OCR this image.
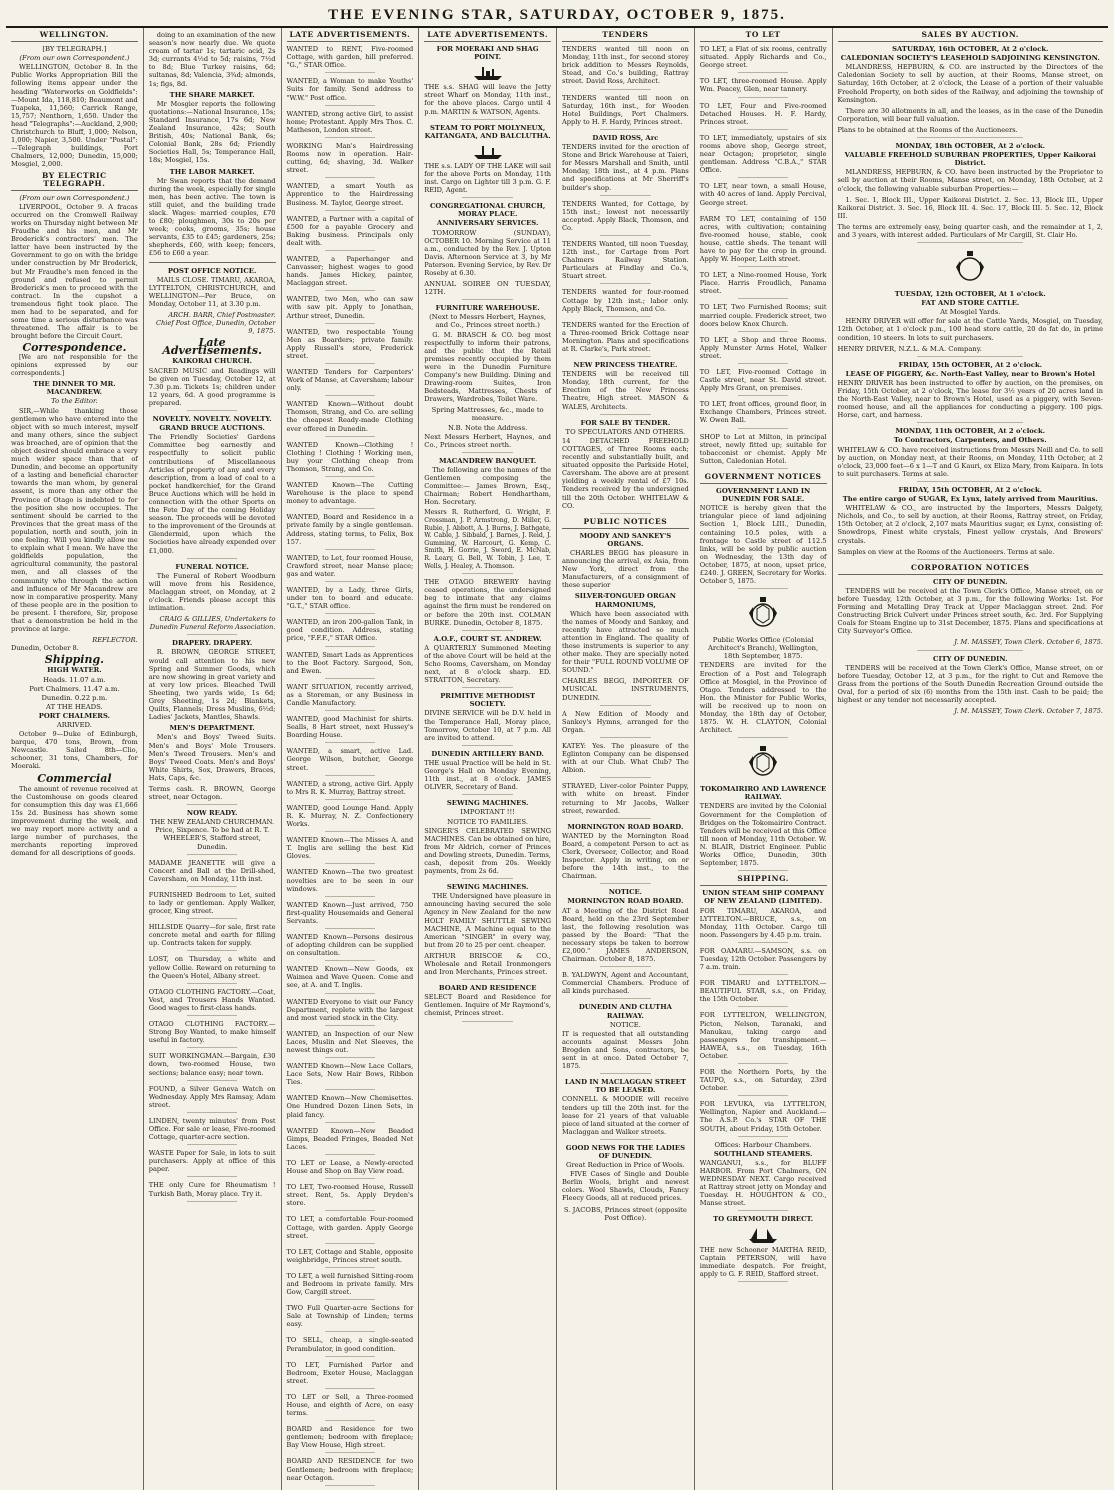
THE EVENING STAR, SATURDAY, OCTOBER 9, 1875.
WELLINGTON.
[BY TELEGRAPH.]
(From our own Correspondent.)

WELLINGTON, October 8. In the Public Works Appropriation Bill the following items appear under the heading "Waterworks on Goldfields":—Mount Ida, 118,810; Beaumont and Tuapeka, 11,560; Carrick Range, 15,757; Nenthorn, 1,650. Under the head "Telegraphs":—Auckland, 2,900; Christchurch to Bluff, 1,000; Nelson, 1,000; Napier, 3,500. Under "Postal":—Telegraph buildings, Port Chalmers, 12,000; Dunedin, 15,000; Mosgiel, 2,000.

BY ELECTRIC TELEGRAPH.
(From our own Correspondent.)

LIVERPOOL, October 9. A fracas occurred on the Cromwell Railway works on Thursday night between Mr Fraudhe and his men, and Mr Broderick's contractors' men. The latter have been instructed by the Government to go on with the bridge under construction by Mr Broderick, but Mr Fraudhe's men fenced in the ground and refused to permit Broderick's men to proceed with the contract. In the cupshot a tremendous fight took place. The men had to be separated, and for some time a serious disturbance was threatened. The affair is to be brought before the Circuit Court.

Correspondence.

[We are not responsible for the opinions expressed by our correspondents.]

THE DINNER TO MR. MACANDREW.
To the Editor.

SIR,—While thanking those gentlemen who have entered into the object with so much interest, myself and many others, since the subject was broached, are of opinion that the object desired should embrace a very much wider space than that of Dunedin, and become an opportunity of a lasting and beneficial character towards the man whom, by general assent, is more than any other the Province of Otago is indebted to for the position she now occupies. The sentiment should be carried to the Provinces that the great mass of the population, north and south, join in one feeling. Will you kindly allow me to explain what I mean. We have the goldfields population, the agricultural community, the pastoral men, and all classes of the community who through the action and influence of Mr Macandrew are now in comparative prosperity. Many of these people are in the position to be present. I therefore, Sir, propose that a demonstration be held in the province at large.

REFLECTOR.
Dunedin, October 8.
Shipping.
HIGH WATER.
Heads. 11.07 a.m.
Port Chalmers. 11.47 a.m.
Dunedin. 0.22 p.m.
AT THE HEADS.
PORT CHALMERS.
ARRIVED.

October 9—Duke of Edinburgh, barque, 470 tons, Brown, from Newcastle. Sailed 8th—Clio, schooner, 31 tons, Chambers, for Moeraki.

Commercial

The amount of revenue received at the Customhouse on goods cleared for consumption this day was £1,666 15s 2d. Business has shown some improvement during the week, and we may report more activity and a large number of purchases, the merchants reporting improved demand for all descriptions of goods.

doing to an examination of the new season's now nearly due. We quote cream of tartar 1s; tartaric acid, 2s 3d; currants 4½d to 5d; raisins, 7½d to 8d; Blue Turkey raisins, 6d; sultanas, 8d; Valencia, 3¾d; almonds, 1s; figs, 8d.

THE SHARE MARKET.

Mr Mosgier reports the following quotations:—National Insurance, 15s; Standard Insurance, 17s 6d; New Zealand Insurance, 42s; South British, 40s; National Bank, 6s; Colonial Bank, 28s 6d; Friendly Societies Hall, 5s; Temperance Hall, 18s; Mosgiel, 15s.

THE LABOR MARKET.

Mr Swan reports that the demand during the week, especially for single men, has been active. The town is still quiet, and the building trade slack. Wages: married couples, £70 to £80; ploughmen, 30s to 20s per week; cooks, grooms, 35s; house servants, £35 to £45; gardeners, 25s; shepherds, £60, with keep; fencers, £56 to £60 a year.

POST OFFICE NOTICE.

MAILS CLOSE. TIMARU, AKAROA, LYTTELTON, CHRISTCHURCH, and WELLINGTON—Per Bruce, on Monday, October 11, at 3.30 p.m.

ARCH. BARR, Chief Postmaster. Chief Post Office, Dunedin, October 9, 1875.
Late Advertisements.
KAIKORAI CHURCH.
SACRED MUSIC and Readings will be given on Tuesday, October 12, at 7.30 p.m. Tickets 1s; children under 12 years, 6d. A good programme is prepared.
NOVELTY. NOVELTY. NOVELTY.
GRAND BRUCE AUCTIONS.
The Friendly Societies' Gardens Committee beg earnestly and respectfully to solicit public contributions of Miscellaneous Articles of property of any and every description, from a load of coal to a pocket handkerchief, for the Grand Bruce Auctions which will be held in connection with the other Sports on the Fete Day of the coming Holiday season. The proceeds will be devoted to the improvement of the Grounds at Glendermid, upon which the Societies have already expended over £1,000.
FUNERAL NOTICE.

The Funeral of Robert Woodburn will move from his Residence, Maclaggan street, on Monday, at 2 o'clock. Friends please accept this intimation.

CRAIG & GILLIES, Undertakers to Dunedin Funeral Reform Association.
DRAPERY. DRAPERY.

R. BROWN, GEORGE STREET, would call attention to his new Spring and Summer Goods, which are now showing in great variety and at very low prices. Bleached Twill Sheeting, two yards wide, 1s 6d; Grey Sheeting, 1s 2d; Blankets, Quilts, Flannels; Dress Muslins, 6½d; Ladies' Jackets, Mantles, Shawls.

MEN'S DEPARTMENT.

Men's and Boys' Tweed Suits. Men's and Boys' Mole Trousers. Men's Tweed Trousers. Men's and Boys' Tweed Coats. Men's and Boys' White Shirts, Sox, Drawers, Braces, Hats, Caps, &c.

Terms cash. R. BROWN, George street, near Octagon.
NOW READY.
THE NEW ZEALAND CHURCHMAN. Price, Sixpence. To be had at R. T. WHEELER'S, Stafford street, Dunedin.
MADAME JEANETTE will give a Concert and Ball at the Drill-shed, Caversham, on Monday, 11th inst.
FURNISHED Bedroom to Let, suited to lady or gentleman. Apply Walker, grocer, King street.
HILLSIDE Quarry—for sale, first rate concrete metal and earth for filling up. Contracts taken for supply.
LOST, on Thursday, a white and yellow Collie. Reward on returning to the Queen's Hotel, Albany street.
OTAGO CLOTHING FACTORY.—Coat, Vest, and Trousers Hands Wanted. Good wages to first-class hands.
OTAGO CLOTHING FACTORY.—Strong Boy Wanted, to make himself useful in factory.
SUIT WORKINGMAN.—Bargain, £30 down, two-roomed House, two sections; balance easy; near town.
FOUND, a Silver Geneva Watch on Wednesday. Apply Mrs Ramsay, Adam street.
LINDEN, twenty minutes' from Post Office. For sale or lease, Five-roomed Cottage, quarter-acre section.
WASTE Paper for Sale, in lots to suit purchasers. Apply at office of this paper.
THE only Cure for Rheumatism ! Turkish Bath, Moray place. Try it.
LATE ADVERTISEMENTS.
WANTED to RENT, Five-roomed Cottage, with garden, hill preferred. "G.," STAR Office.
WANTED, a Woman to make Youths' Suits for family. Send address to "W.W." Post office.
WANTED, strong active Girl, to assist home; Protestant. Apply Mrs Thos. C. Matheson, London street.
WORKING Man's Hairdressing Rooms now in operation. Hair-cutting, 6d; shaving, 3d. Walker street.
WANTED, a smart Youth as Apprentice to the Hairdressing Business. M. Taylor, George street.
WANTED, a Partner with a capital of £500 for a payable Grocery and Baking business. Principals only dealt with.
WANTED, a Paperhanger and Canvasser; highest wages to good hands. James Hickey, painter, Maclaggan street.
WANTED, two Men, who can saw with saw pit. Apply to Jonathan, Arthur street, Dunedin.
WANTED, two respectable Young Men as Boarders; private family. Apply Russell's store, Frederick street.
WANTED Tenders for Carpenters' Work of Manse, at Caversham; labour only.
WANTED Known—Without doubt Thomson, Strang, and Co. are selling the cheapest Ready-made Clothing ever offered in Dunedin.
WANTED Known—Clothing ! Clothing ! Clothing ! Working men, buy your Clothing cheap from Thomson, Strang, and Co.
WANTED Known—The Cutting Warehouse is the place to spend money to advantage.
WANTED, Board and Residence in a private family by a single gentleman. Address, stating terms, to Felix, Box 157.
WANTED, to Let, four roomed House, Crawford street, near Manse place; gas and water.
WANTED, by a Lady, three Girls, under ten to board and educate. "G.T.," STAR office.
WANTED, an iron 200-gallon Tank, in good condition. Address, stating price, "F.F.F.," STAR Office.
WANTED, Smart Lads as Apprentices to the Boot Factory. Sargood, Son, and Ewen.
WANT SITUATION, recently arrived, as a Storeman, or any Business in Candle Manufactory.
WANTED, good Machinist for shirts. Sealls, 8 Hart street, next Hussey's Boarding House.
WANTED, a smart, active Lad. George Wilson, butcher, George street.
WANTED, a strong, active Girl. Apply to Mrs R. K. Murray, Battray street.
WANTED, good Lounge Hand. Apply R. K. Murray, N. Z. Confectionery Works.
WANTED Known—The Misses A. and T. Inglis are selling the best Kid Gloves.
WANTED Known—The two greatest novelties are to be seen in our windows.
WANTED Known—Just arrived, 750 first-quality Housemaids and General Servants.
WANTED Known—Persons desirous of adopting children can be supplied on consultation.
WANTED Known—New Goods, ex Waimea and Wave Queen. Come and see, at A. and T. Inglis.
WANTED Everyone to visit our Fancy Department, replete with the largest and most varied stock in the City.
WANTED, an Inspection of our New Laces, Muslin and Net Sleeves, the newest things out.
WANTED Known—New Lace Collars, Lace Sets, New Hair Bows, Ribbon Ties.
WANTED Known—New Chemisettes. One Hundred Dozen Linen Sets, in plaid fancy.
WANTED Known—New Beaded Gimps, Beaded Fringes, Beaded Net Laces.
TO LET or Lease, a Newly-erected House and Shop on Bay View road.
TO LET, Two-roomed House, Russell street. Rent, 5s. Apply Dryden's store.
TO LET, a comfortable Four-roomed Cottage, with garden. Apply George street.
TO LET, Cottage and Stable, opposite weighbridge, Princes street south.
TO LET, a well furnished Sitting-room and Bedroom in private family. Mrs Gow, Cargill street.
TWO Full Quarter-acre Sections for Sale at Township of Linden; terms easy.
TO SELL, cheap, a single-seated Perambulator, in good condition.
TO LET, Furnished Parlor and Bedroom, Exeter House, Maclaggan street.
TO LET or Sell, a Three-roomed House, and eighth of Acre, on easy terms.
BOARD and Residence for two gentlemen; bedroom with fireplace; Bay View House, High street.
BOARD AND RESIDENCE for two Gentlemen; bedroom with fireplace; near Octagon.
LATE ADVERTISEMENTS.
FOR MOERAKI AND SHAG POINT.
THE s.s. SHAG will leave the Jetty street Wharf on Monday, 11th inst., for the above places. Cargo until 4 p.m. MARTIN & WATSON, Agents.
STEAM TO PORT MOLYNEUX, KAITANGATA, AND BALCLUTHA.
THE s.s. LADY OF THE LAKE will sail for the above Ports on Monday, 11th inst. Cargo on Lighter till 3 p.m. G. F. REID, Agent.
CONGREGATIONAL CHURCH, MORAY PLACE.
ANNIVERSARY SERVICES.

TOMORROW (SUNDAY), OCTOBER 10. Morning Service at 11 a.m., conducted by the Rev. J. Upton Davis. Afternoon Service at 3, by Mr Paterson. Evening Service, by Rev. Dr Roseby at 6.30.

ANNUAL SOIREE ON TUESDAY, 12TH.
FURNITURE WAREHOUSE.
(Next to Messrs Herbert, Haynes, and Co., Princes street north.)

G. M. BRASCH & CO. beg most respectfully to inform their patrons, and the public that the Retail premises recently occupied by them were in the Dunedin Furniture Company's new Building. Dining and Drawing-room Suites, Iron Bedsteads, Mattresses, Chests of Drawers, Wardrobes, Toilet Ware.

Spring Mattresses, &c., made to measure.
N.B. Note the Address.
Next Messrs Herbert, Haynes, and Co., Princes street north.
MACANDREW BANQUET.

The following are the names of the Gentlemen composing the Committee:— James Brown, Esq., Chairman; Robert Hendhartham, Hon. Secretary.

Messrs R. Rutherford, G. Wright, F. Crossman, J. P. Armstrong, D. Miller, G. Rubie, J. Abbott, A. J. Burns, J. Bathgate, W. Cable, J. Sibbald, J. Barnes, J. Reid, J. Gumming, W. Harcourt, G. Kemp, C. Smith, H. Gorrie, J. Sword, E. McNab, R. Leary, G. Bell, W. Tobin, J. Lee, T. Wells, J. Healey, A. Thomson.
THE OTAGO BREWERY having ceased operations, the undersigned beg to intimate that any claims against the firm must be rendered on or before the 20th inst. COLMAN BURKE. Dunedin, October 8, 1875.
A.O.F., COURT ST. ANDREW.
A QUARTERLY Summoned Meeting of the above Court will be held at the Scho Rooms, Caversham, on Monday next, at 8 o'clock sharp. ED. STRATTON, Secretary.
PRIMITIVE METHODIST SOCIETY.
DIVINE SERVICE will be D.V. held in the Temperance Hall, Moray place, Tomorrow, October 10, at 7 p.m. All are invited to attend.
DUNEDIN ARTILLERY BAND.
THE usual Practice will be held in St. George's Hall on Monday Evening, 11th inst., at 8 o'clock. JAMES OLIVER, Secretary of Band.
SEWING MACHINES.
IMPORTANT !!!
NOTICE TO FAMILIES.
SINGER'S CELEBRATED SEWING MACHINES. Can be obtained on hire, from Mr Aldrich, corner of Princes and Dowling streets, Dunedin. Terms, cash, deposit from 20s. Weekly payments, from 2s 6d.
SEWING MACHINES.

THE Undersigned have pleasure in announcing having secured the sole Agency in New Zealand for the new HOLT FAMILY SHUTTLE SEWING MACHINE, A Machine equal to the American "SINGER" in every way, but from 20 to 25 per cent. cheaper.

ARTHUR BRISCOE & CO., Wholesale and Retail Ironmongers and Iron Merchants, Princes street.
BOARD AND RESIDENCE
SELECT Board and Residence for Gentlemen. Inquire of Mr Raymond's, chemist, Princes street.
TENDERS
TENDERS wanted till noon on Monday, 11th inst., for second storey brick addition to Messrs Reynolds, Stead, and Co.'s building, Rattray street. David Ross, Architect.
TENDERS wanted till noon on Saturday, 16th inst., for Wooden Hotel Buildings, Port Chalmers. Apply to H. F. Hardy, Princes street.
DAVID ROSS, Arc
TENDERS invited for the erection of Stone and Brick Warehouse at Taieri, for Messrs Marshall and Smith, until Monday, 18th inst., at 4 p.m. Plans and specifications at Mr Sherriff's builder's shop.
TENDERS Wanted, for Cottage, by 15th inst.; lowest not necessarily accepted. Apply Black, Thomson, and Co.
TENDERS Wanted, till noon Tuesday, 12th inst., for Cartage from Port Chalmers Railway Station. Particulars at Findlay and Co.'s, Stuart street.
TENDERS wanted for four-roomed Cottage by 12th inst.; labor only. Apply Black, Thomson, and Co.
TENDERS wanted for the Erection of a Three-roomed Brick Cottage near Mornington. Plans and specifications at R. Clarke's, Park street.
NEW PRINCESS THEATRE.
TENDERS will be received till Monday, 18th current, for the Erection of the New Princess Theatre, High street. MASON & WALES, Architects.
FOR SALE BY TENDER.
TO SPECULATORS AND OTHERS.
14 DETACHED FREEHOLD COTTAGES, of Three Rooms each; recently and substantially built, and situated opposite the Parkside Hotel, Caversham. The above are at present yielding a weekly rental of £7 10s. Tenders received by the undersigned till the 20th October. WHITELAW & CO.
PUBLIC NOTICES
MOODY AND SANKEY'S ORGANS.

CHARLES BEGG has pleasure in announcing the arrival, ex Asia, from New York, direct from the Manufacturers, of a consignment of these superior

SILVER-TONGUED ORGAN HARMONIUMS,

Which have been associated with the names of Moody and Sankey, and recently have attracted so much attention in England. The quality of these instruments is superior to any other make. They are specially noted for their "FULL ROUND VOLUME OF SOUND."

CHARLES BEGG, IMPORTER OF MUSICAL INSTRUMENTS, DUNEDIN.
A New Edition of Moody and Sankey's Hymns, arranged for the Organ.
KATEY: Yes. The pleasure of the Eglinton Company can be dispensed with at our Club. What Club? The Albion.
STRAYED, Liver-color Pointer Puppy, with white on breast. Finder returning to Mr Jacobs, Walker street, rewarded.
MORNINGTON ROAD BOARD.
WANTED by the Mornington Road Board, a competent Person to act as Clerk, Overseer, Collector, and Road Inspector. Apply in writing, on or before the 14th inst., to the Chairman.
NOTICE.
MORNINGTON ROAD BOARD.
AT a Meeting of the District Road Board, held on the 23rd September last, the following resolution was passed by the Board: "That the necessary steps be taken to borrow £2,000." JAMES ANDERSON, Chairman. October 8, 1875.
B. YALDWYN, Agent and Accountant, Commercial Chambers. Produce of all kinds purchased.
DUNEDIN AND CLUTHA RAILWAY.
NOTICE.
IT is requested that all outstanding accounts against Messrs John Brogden and Sons, contractors, be sent in at once. Dated October 7, 1875.
LAND IN MACLAGGAN STREET TO BE LEASED.
CONNELL & MOODIE will receive tenders up till the 20th inst. for the lease for 21 years of that valuable piece of land situated at the corner of Maclaggan and Walker streets.
GOOD NEWS FOR THE LADIES OF DUNEDIN.
Great Reduction in Price of Wools.

FIVE Cases of Single and Double Berlin Wools, bright and newest colors. Wool Shawls, Clouds, Fancy Fleecy Goods, all at reduced prices.

S. JACOBS, Princes street (opposite Post Office).
TO LET
TO LET, a Flat of six rooms, centrally situated. Apply Richards and Co., George street.
TO LET, three-roomed House. Apply Wm. Peacey, Glen, near tannery.
TO LET, Four and Five-roomed Detached Houses. H. F. Hardy, Princes street.
TO LET, immediately, upstairs of six rooms above shop, George street, near Octagon; proprietor, single gentleman. Address "C.B.A.," STAR Office.
TO LET, near town, a small House, with 40 acres of land. Apply Percival, George street.
FARM TO LET, containing of 150 acres, with cultivation; containing five-roomed house, stable, cook house, cattle sheds. The tenant will have to pay for the crop in ground. Apply W. Hooper, Leith street.
TO LET, a Nine-roomed House, York Place. Harris Froudlich, Panama street.
TO LET, Two Furnished Rooms; suit married couple. Frederick street, two doors below Knox Church.
TO LET, a Shop and three Rooms. Apply Munster Arms Hotel, Walker street.
TO LET, Five-roomed Cottage in Castle street, near St. David street. Apply Mrs Grant, on premises.
TO LET, front offices, ground floor, in Exchange Chambers, Princes street. W. Owen Ball.
SHOP to Let at Milton, in principal street, newly fitted up; suitable for tobacconist or chemist. Apply Mr Sutton, Caledonian Hotel.
GOVERNMENT NOTICES
GOVERNMENT LAND IN DUNEDIN FOR SALE.
NOTICE is hereby given that the triangular piece of land adjoining Section 1, Block LIII., Dunedin, containing 10.5 poles, with a frontage to Castle street of 112.5 links, will be sold by public auction on Wednesday, the 13th day of October, 1875, at noon, upset price, £240. J. GREEN, Secretary for Works. October 5, 1875.
Public Works Office (Colonial Architect's Branch), Wellington, 18th September, 1875.
TENDERS are invited for the Erection of a Post and Telegraph Office at Mosgiel, in the Province of Otago. Tenders addressed to the Hon. the Minister for Public Works, will be received up to noon on Monday, the 18th day of October, 1875. W. H. CLAYTON, Colonial Architect.
TOKOMAIRIRO AND LAWRENCE RAILWAY.
TENDERS are invited by the Colonial Government for the Completion of Bridges on the Tokomairiro Contract. Tenders will be received at this Office till noon of Monday, 11th October. W. N. BLAIR, District Engineer. Public Works Office, Dunedin, 30th September, 1875.
SHIPPING.
UNION STEAM SHIP COMPANY OF NEW ZEALAND (LIMITED).
FOR TIMARU, AKAROA, and LYTTELTON.—BRUCE, s.s., on Monday, 11th October. Cargo till noon. Passengers by 4.45 p.m. train.
FOR OAMARU.—SAMSON, s.s. on Tuesday, 12th October. Passengers by 7 a.m. train.
FOR TIMARU and LYTTELTON.—BEAUTIFUL STAR, s.s., on Friday, the 15th October.
FOR LYTTELTON, WELLINGTON, Picton, Nelson, Taranaki, and Manukau, taking cargo and passengers for transhipment.—HAWEA, s.s., on Tuesday, 16th October.
FOR the Northern Ports, by the TAUPO, s.s., on Saturday, 23rd October.
FOR LEVUKA, via LYTTELTON, Wellington, Napier and Auckland.—The A.S.P. Co.'s STAR OF THE SOUTH, about Friday, 15th October.
Offices: Harbour Chambers.
SOUTHLAND STEAMERS.
WANGANUI, s.s., for BLUFF HARBOR. From Port Chalmers, ON WEDNESDAY NEXT. Cargo received at Rattray street jetty on Monday and Tuesday. H. HOUGHTON & CO., Manse street.
TO GREYMOUTH DIRECT.
THE new Schooner MARTHA REID, Captain PETERSON, will have immediate despatch. For freight, apply to G. F. REID, Stafford street.
SALES BY AUCTION.
SATURDAY, 16th OCTOBER, At 2 o'clock.
CALEDONIAN SOCIETY'S LEASEHOLD SADJOINING KENSINGTON.

MLANDRESS, HEPBURN, & CO. are instructed by the Directors of the Caledonian Society to sell by auction, at their Rooms, Manse street, on Saturday, 16th October, at 2 o'clock, the Lease of a portion of their valuable Freehold Property, on both sides of the Railway, and adjoining the township of Kensington.

There are 30 allotments in all, and the leases, as in the case of the Dunedin Corporation, will bear full valuation.

Plans to be obtained at the Rooms of the Auctioneers.
MONDAY, 18th OCTOBER, At 2 o'clock.
VALUABLE FREEHOLD SUBURBAN PROPERTIES, Upper Kaikorai District.

MLANDRESS, HEPBURN, & CO. have been instructed by the Proprietor to sell by auction at their Rooms, Manse street, on Monday, 18th October, at 2 o'clock, the following valuable suburban Properties:—

1. Sec. 1, Block III., Upper Kaikorai District. 2. Sec. 13, Block III., Upper Kaikorai District. 3. Sec. 16, Block III. 4. Sec. 17, Block III. 5. Sec. 12, Block III.

The terms are extremely easy, being quarter cash, and the remainder at 1, 2, and 3 years, with interest added. Particulars of Mr Cargill, St. Clair Ho.
TUESDAY, 12th OCTOBER, At 1 o'clock.
FAT AND STORE CATTLE.
At Mosgiel Yards.

HENRY DRIVER will offer for sale at the Cattle Yards, Mosgiel, on Tuesday, 12th October, at 1 o'clock p.m., 100 head store cattle, 20 do fat do, in prime condition, 10 steers. In lots to suit purchasers.

HENRY DRIVER, N.Z.L. & M.A. Company.
FRIDAY, 15th OCTOBER, At 2 o'clock.
LEASE OF PIGGERY, &c. North-East Valley, near to Brown's Hotel
HENRY DRIVER has been instructed to offer by auction, on the premises, on Friday, 15th October, at 2 o'clock, The lease for 3½ years of 20 acres land in the North-East Valley, near to Brown's Hotel, used as a piggery, with Seven-roomed house, and all the appliances for conducting a piggery. 100 pigs. Horse, cart, and harness.
MONDAY, 11th OCTOBER, At 2 o'clock.
To Contractors, Carpenters, and Others.
WHITELAW & CO. have received instructions from Messrs Neill and Co. to sell by auction, on Monday next, at their Rooms, on Monday, 11th October, at 2 o'clock, 23,000 feet—6 x 1—T and G Kauri, ex Eliza Mary, from Kaipara. In lots to suit purchasers. Terms at sale.
FRIDAY, 15th OCTOBER, At 2 o'clock.
The entire cargo of SUGAR, Ex Lynx, lately arrived from Mauritius.

WHITELAW & CO., are instructed by the Importers, Messrs Dalgety, Nichols, and Co., to sell by auction, at their Rooms, Rattray street, on Friday, 15th October, at 2 o'clock, 2,107 mats Mauritius sugar, ex Lynx, consisting of: Snowdrops, Finest white crystals, Finest yellow crystals, And Brewers' crystals.

Samples on view at the Rooms of the Auctioneers. Terms at sale.
CORPORATION NOTICES
CITY OF DUNEDIN.

TENDERS will be received at the Town Clerk's Office, Manse street, on or before Tuesday, 12th October, at 3 p.m., for the following Works: 1st. For Forming and Metalling Dray Track at Upper Maclaggan street. 2nd. For Constructing Brick Culvert under Princes street south, &c. 3rd. For Supplying Coals for Steam Engine up to 31st December, 1875. Plans and specifications at City Surveyor's Office.

J. M. MASSEY, Town Clerk. October 6, 1875.
CITY OF DUNEDIN.

TENDERS will be received at the Town Clerk's Office, Manse street, on or before Tuesday, October 12, at 3 p.m., for the right to Cut and Remove the Grass from the portions of the South Dunedin Recreation Ground outside the Oval, for a period of six (6) months from the 15th inst. Cash to be paid; the highest or any tender not necessarily accepted.

J. M. MASSEY, Town Clerk. October 7, 1875.
